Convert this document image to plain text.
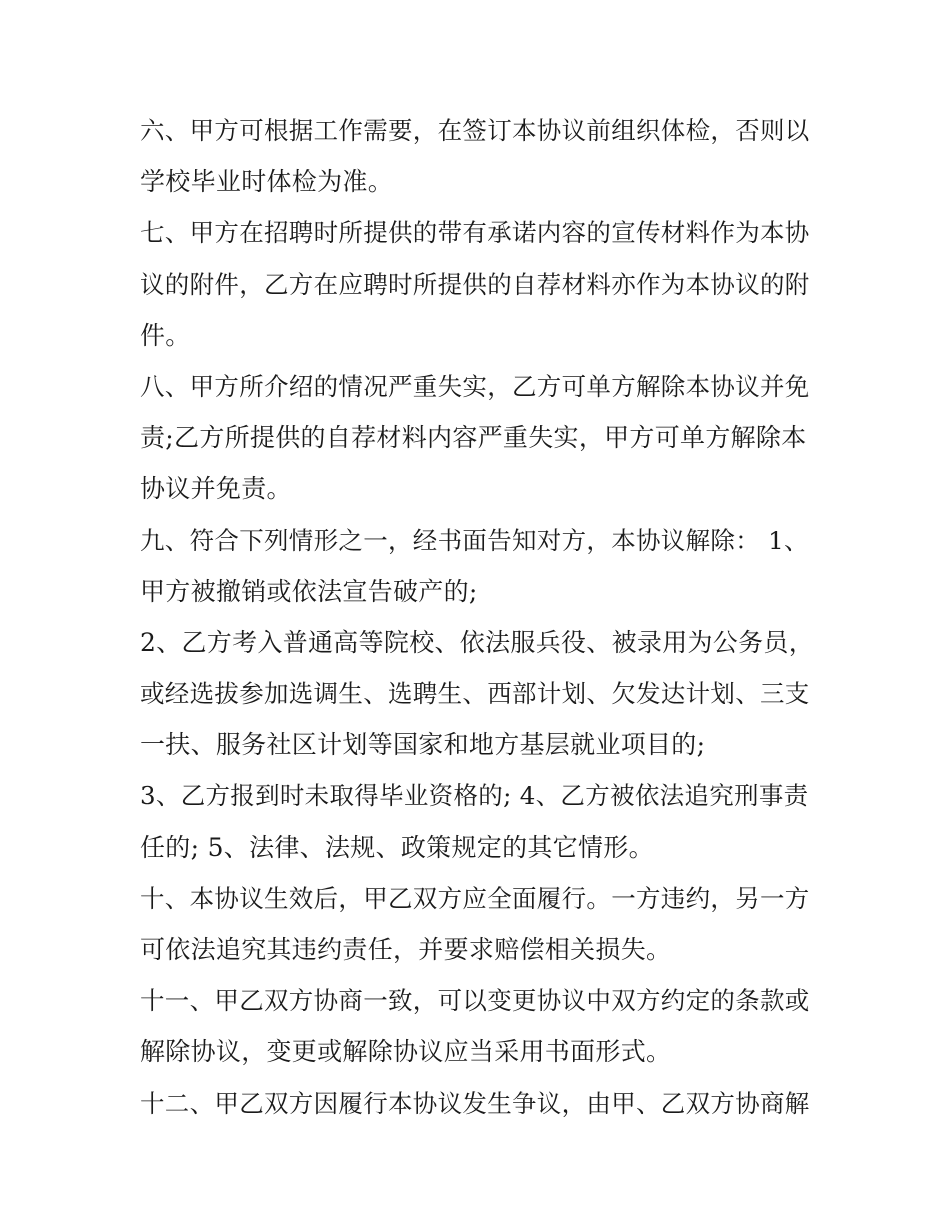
六、甲方可根据工作需要，在签订本协议前组织体检，否则以
学校毕业时体检为准。
七、甲方在招聘时所提供的带有承诺内容的宣传材料作为本协
议的附件，乙方在应聘时所提供的自荐材料亦作为本协议的附
件。
八、甲方所介绍的情况严重失实，乙方可单方解除本协议并免
责;乙方所提供的自荐材料内容严重失实，甲方可单方解除本
协议并免责。
九、符合下列情形之一，经书面告知对方，本协议解除： 1、
甲方被撤销或依法宣告破产的;
2、乙方考入普通高等院校、依法服兵役、被录用为公务员，
或经选拔参加选调生、选聘生、西部计划、欠发达计划、三支
一扶、服务社区计划等国家和地方基层就业项目的;
3、乙方报到时未取得毕业资格的; 4、乙方被依法追究刑事责
任的; 5、法律、法规、政策规定的其它情形。
十、本协议生效后，甲乙双方应全面履行。一方违约，另一方
可依法追究其违约责任，并要求赔偿相关损失。
十一、甲乙双方协商一致，可以变更协议中双方约定的条款或
解除协议，变更或解除协议应当采用书面形式。
十二、甲乙双方因履行本协议发生争议，由甲、乙双方协商解
